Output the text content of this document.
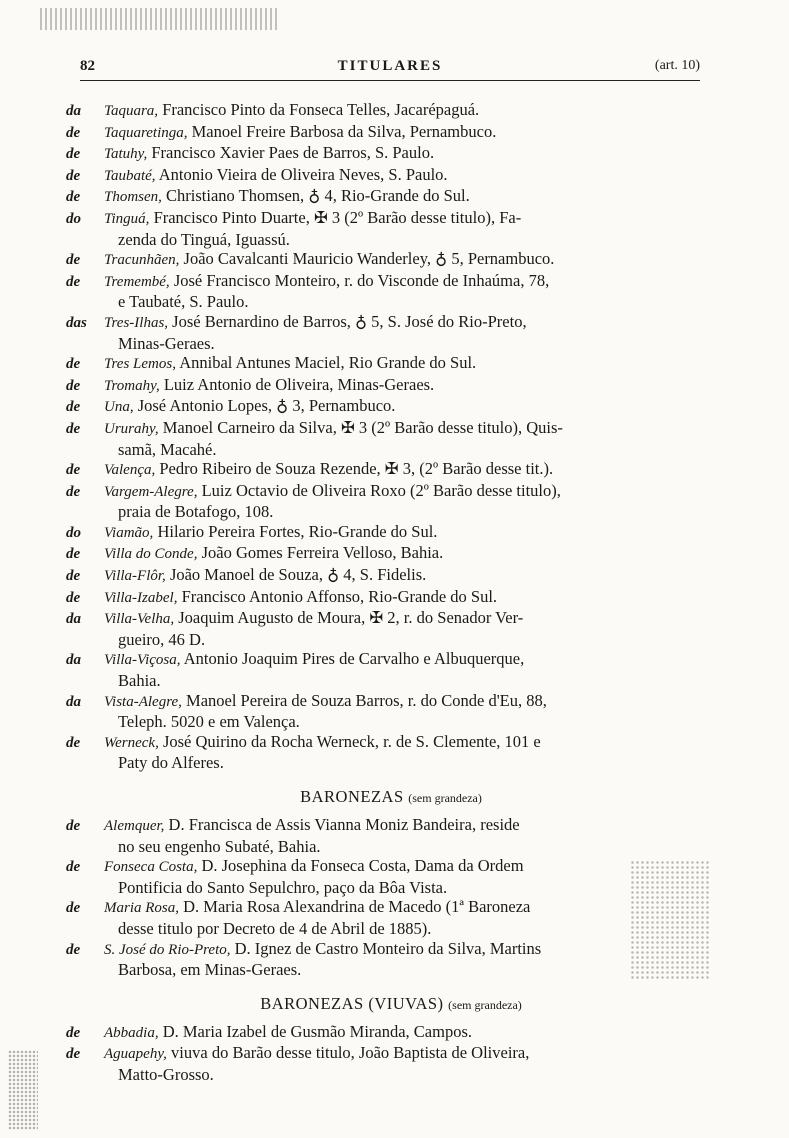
82	TITULARES	(art. 10)
da Taquara, Francisco Pinto da Fonseca Telles, Jacarépaguá.
de Taquaretinga, Manoel Freire Barbosa da Silva, Pernambuco.
de Tatuhy, Francisco Xavier Paes de Barros, S. Paulo.
de Taubaté, Antonio Vieira de Oliveira Neves, S. Paulo.
de Thomsen, Christiano Thomsen, ♁ 4, Rio-Grande do Sul.
do Tinguá, Francisco Pinto Duarte, ✠ 3 (2º Barão desse titulo), Fa-
zenda do Tinguá, Iguassú.
de Tracunhãen, João Cavalcanti Mauricio Wanderley, ♁ 5, Pernambuco.
de Tremembé, José Francisco Monteiro, r. do Visconde de Inhaúma, 78,
e Taubaté, S. Paulo.
das Tres-Ilhas, José Bernardino de Barros, ♁ 5, S. José do Rio-Preto,
Minas-Geraes.
de Tres Lemos, Annibal Antunes Maciel, Rio Grande do Sul.
de Tromahy, Luiz Antonio de Oliveira, Minas-Geraes.
de Una, José Antonio Lopes, ♁ 3, Pernambuco.
de Ururahy, Manoel Carneiro da Silva, ✠ 3 (2º Barão desse titulo), Quis-
samã, Macahé.
de Valença, Pedro Ribeiro de Souza Rezende, ✠ 3, (2º Barão desse tit.).
de Vargem-Alegre, Luiz Octavio de Oliveira Roxo (2º Barão desse titulo),
praia de Botafogo, 108.
do Viamão, Hilario Pereira Fortes, Rio-Grande do Sul.
de Villa do Conde, João Gomes Ferreira Velloso, Bahia.
de Villa-Flôr, João Manoel de Souza, ♁ 4, S. Fidelis.
de Villa-Izabel, Francisco Antonio Affonso, Rio-Grande do Sul.
da Villa-Velha, Joaquim Augusto de Moura, ✠ 2, r. do Senador Ver-
gueiro, 46 D.
da Villa-Viçosa, Antonio Joaquim Pires de Carvalho e Albuquerque,
Bahia.
da Vista-Alegre, Manoel Pereira de Souza Barros, r. do Conde d'Eu, 88,
Teleph. 5020 e em Valença.
de Werneck, José Quirino da Rocha Werneck, r. de S. Clemente, 101 e
Paty do Alferes.
BARONEZAS (sem grandeza)
de Alemquer, D. Francisca de Assis Vianna Moniz Bandeira, reside
no seu engenho Subaté, Bahia.
de Fonseca Costa, D. Josephina da Fonseca Costa, Dama da Ordem
Pontificia do Santo Sepulchro, paço da Bôa Vista.
de Maria Rosa, D. Maria Rosa Alexandrina de Macedo (1ª Baroneza
desse titulo por Decreto de 4 de Abril de 1885).
de S. José do Rio-Preto, D. Ignez de Castro Monteiro da Silva, Martins
Barbosa, em Minas-Geraes.
BARONEZAS (VIUVAS) (sem grandeza)
de Abbadia, D. Maria Izabel de Gusmão Miranda, Campos.
de Aguapehy, viuva do Barão desse titulo, João Baptista de Oliveira,
Matto-Grosso.
